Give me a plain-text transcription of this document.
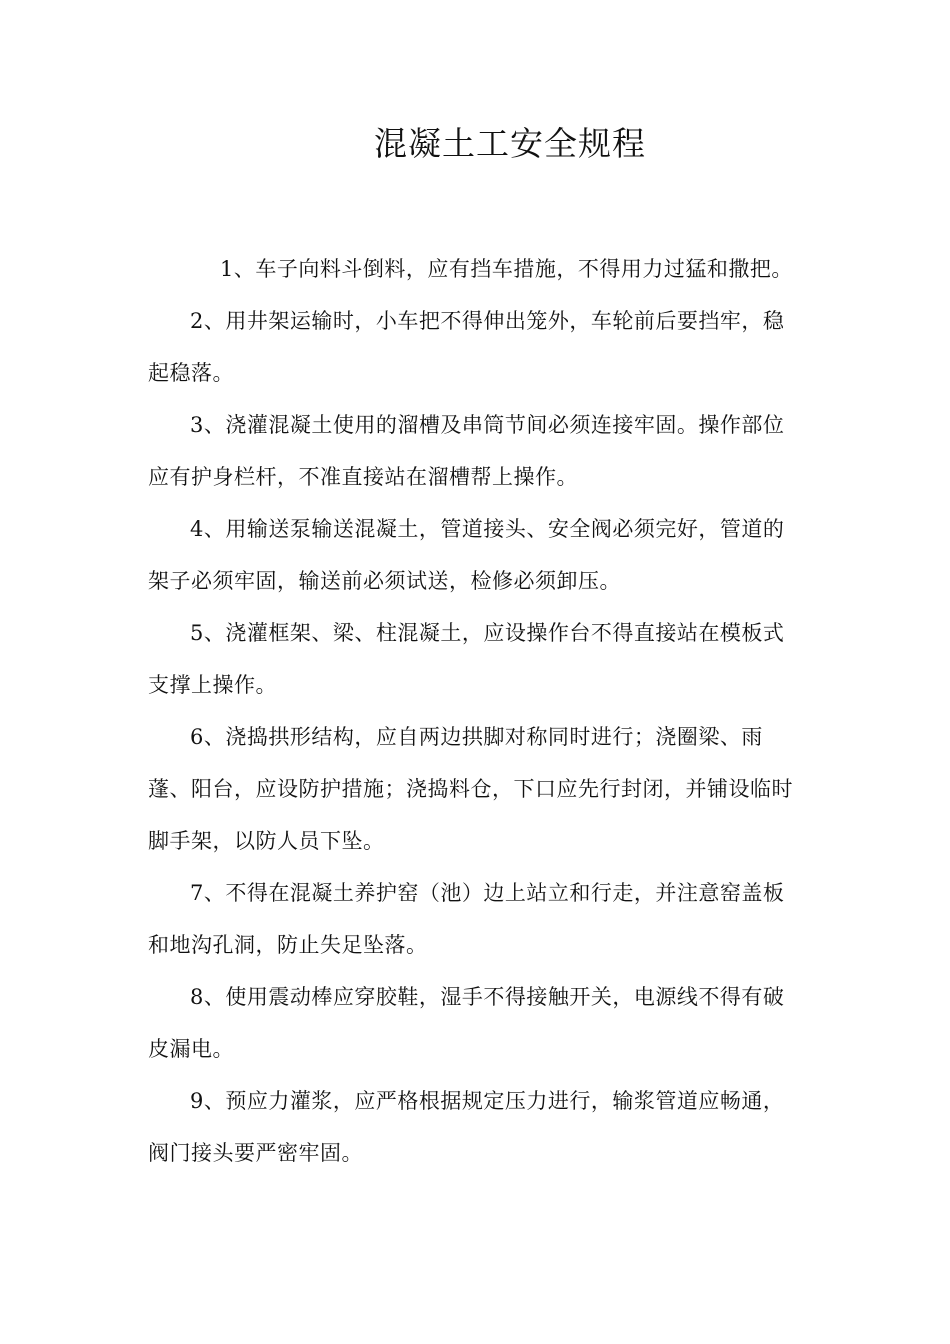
混凝土工安全规程

1、车子向料斗倒料，应有挡车措施，不得用力过猛和撒把。

2、用井架运输时，小车把不得伸出笼外，车轮前后要挡牢，稳起稳落。

3、浇灌混凝土使用的溜槽及串筒节间必须连接牢固。操作部位应有护身栏杆，不准直接站在溜槽帮上操作。

4、用输送泵输送混凝土，管道接头、安全阀必须完好，管道的架子必须牢固，输送前必须试送，检修必须卸压。

5、浇灌框架、梁、柱混凝土，应设操作台不得直接站在模板式支撑上操作。

6、浇捣拱形结构，应自两边拱脚对称同时进行；浇圈梁、雨蓬、阳台，应设防护措施；浇捣料仓，下口应先行封闭，并铺设临时脚手架，以防人员下坠。

7、不得在混凝土养护窑（池）边上站立和行走，并注意窑盖板和地沟孔洞，防止失足坠落。

8、使用震动棒应穿胶鞋，湿手不得接触开关，电源线不得有破皮漏电。

9、预应力灌浆，应严格根据规定压力进行，输浆管道应畅通，阀门接头要严密牢固。
